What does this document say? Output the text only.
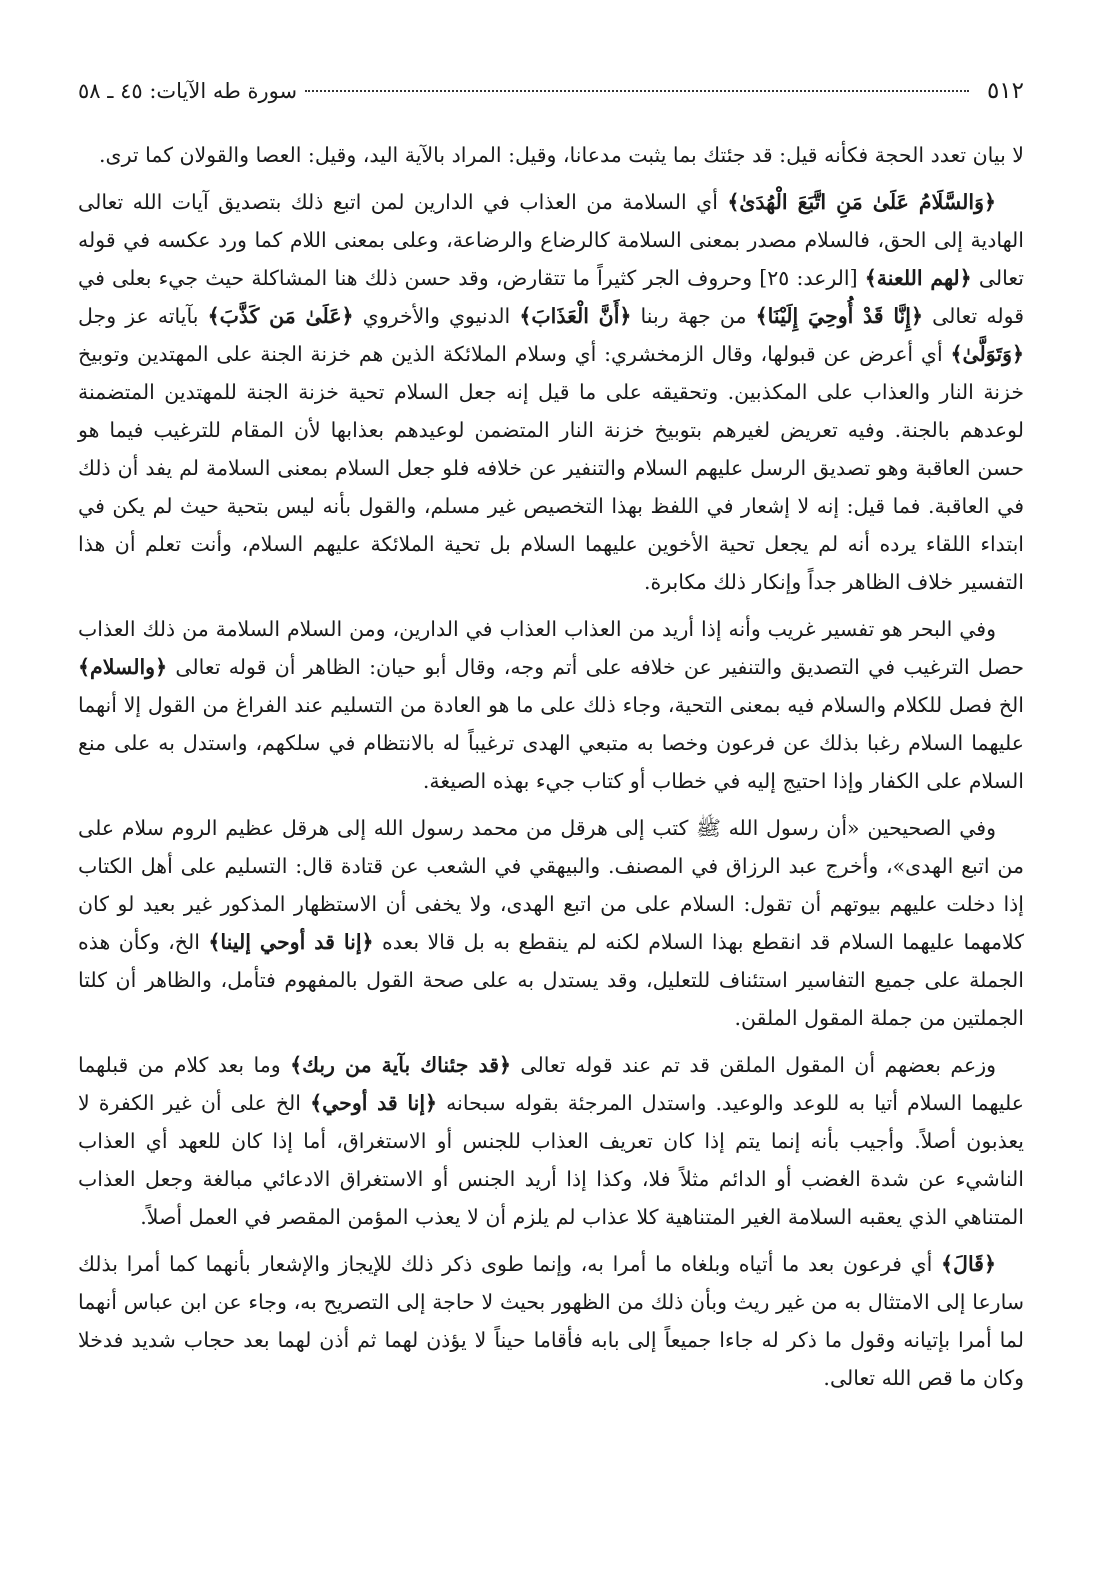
٥١٢
سورة طه الآيات: ٤٥ ـ ٥٨

لا بيان تعدد الحجة فكأنه قيل: قد جئتك بما يثبت مدعانا، وقيل: المراد بالآية اليد، وقيل: العصا والقولان كما ترى.

﴿وَالسَّلَامُ عَلَىٰ مَنِ اتَّبَعَ الْهُدَىٰ﴾ أي السلامة من العذاب في الدارين لمن اتبع ذلك بتصديق آيات الله تعالى الهادية إلى الحق، فالسلام مصدر بمعنى السلامة كالرضاع والرضاعة، وعلى بمعنى اللام كما ورد عكسه في قوله تعالى ﴿لهم اللعنة﴾ [الرعد: ٢٥] وحروف الجر كثيراً ما تتقارض، وقد حسن ذلك هنا المشاكلة حيث جيء بعلى في قوله تعالى ﴿إِنَّا قَدْ أُوحِيَ إِلَيْنَا﴾ من جهة ربنا ﴿أَنَّ الْعَذَابَ﴾ الدنيوي والأخروي ﴿عَلَىٰ مَن كَذَّبَ﴾ بآياته عز وجل ﴿وَتَوَلَّىٰ﴾ أي أعرض عن قبولها، وقال الزمخشري: أي وسلام الملائكة الذين هم خزنة الجنة على المهتدين وتوبيخ خزنة النار والعذاب على المكذبين. وتحقيقه على ما قيل إنه جعل السلام تحية خزنة الجنة للمهتدين المتضمنة لوعدهم بالجنة. وفيه تعريض لغيرهم بتوبيخ خزنة النار المتضمن لوعيدهم بعذابها لأن المقام للترغيب فيما هو حسن العاقبة وهو تصديق الرسل عليهم السلام والتنفير عن خلافه فلو جعل السلام بمعنى السلامة لم يفد أن ذلك في العاقبة. فما قيل: إنه لا إشعار في اللفظ بهذا التخصيص غير مسلم، والقول بأنه ليس بتحية حيث لم يكن في ابتداء اللقاء يرده أنه لم يجعل تحية الأخوين عليهما السلام بل تحية الملائكة عليهم السلام، وأنت تعلم أن هذا التفسير خلاف الظاهر جداً وإنكار ذلك مكابرة.

وفي البحر هو تفسير غريب وأنه إذا أريد من العذاب العذاب في الدارين، ومن السلام السلامة من ذلك العذاب حصل الترغيب في التصديق والتنفير عن خلافه على أتم وجه، وقال أبو حيان: الظاهر أن قوله تعالى ﴿والسلام﴾ الخ فصل للكلام والسلام فيه بمعنى التحية، وجاء ذلك على ما هو العادة من التسليم عند الفراغ من القول إلا أنهما عليهما السلام رغبا بذلك عن فرعون وخصا به متبعي الهدى ترغيباً له بالانتظام في سلكهم، واستدل به على منع السلام على الكفار وإذا احتيج إليه في خطاب أو كتاب جيء بهذه الصيغة.

وفي الصحيحين «أن رسول الله ﷺ كتب إلى هرقل من محمد رسول الله إلى هرقل عظيم الروم سلام على من اتبع الهدى»، وأخرج عبد الرزاق في المصنف. والبيهقي في الشعب عن قتادة قال: التسليم على أهل الكتاب إذا دخلت عليهم بيوتهم أن تقول: السلام على من اتبع الهدى، ولا يخفى أن الاستظهار المذكور غير بعيد لو كان كلامهما عليهما السلام قد انقطع بهذا السلام لكنه لم ينقطع به بل قالا بعده ﴿إنا قد أوحي إلينا﴾ الخ، وكأن هذه الجملة على جميع التفاسير استئناف للتعليل، وقد يستدل به على صحة القول بالمفهوم فتأمل، والظاهر أن كلتا الجملتين من جملة المقول الملقن.

وزعم بعضهم أن المقول الملقن قد تم عند قوله تعالى ﴿قد جئناك بآية من ربك﴾ وما بعد كلام من قبلهما عليهما السلام أتيا به للوعد والوعيد. واستدل المرجئة بقوله سبحانه ﴿إنا قد أوحي﴾ الخ على أن غير الكفرة لا يعذبون أصلاً. وأجيب بأنه إنما يتم إذا كان تعريف العذاب للجنس أو الاستغراق، أما إذا كان للعهد أي العذاب الناشيء عن شدة الغضب أو الدائم مثلاً فلا، وكذا إذا أريد الجنس أو الاستغراق الادعائي مبالغة وجعل العذاب المتناهي الذي يعقبه السلامة الغير المتناهية كلا عذاب لم يلزم أن لا يعذب المؤمن المقصر في العمل أصلاً.

﴿قَالَ﴾ أي فرعون بعد ما أتياه وبلغاه ما أمرا به، وإنما طوى ذكر ذلك للإيجاز والإشعار بأنهما كما أمرا بذلك سارعا إلى الامتثال به من غير ريث وبأن ذلك من الظهور بحيث لا حاجة إلى التصريح به، وجاء عن ابن عباس أنهما لما أمرا بإتيانه وقول ما ذكر له جاءا جميعاً إلى بابه فأقاما حيناً لا يؤذن لهما ثم أذن لهما بعد حجاب شديد فدخلا وكان ما قص الله تعالى.
